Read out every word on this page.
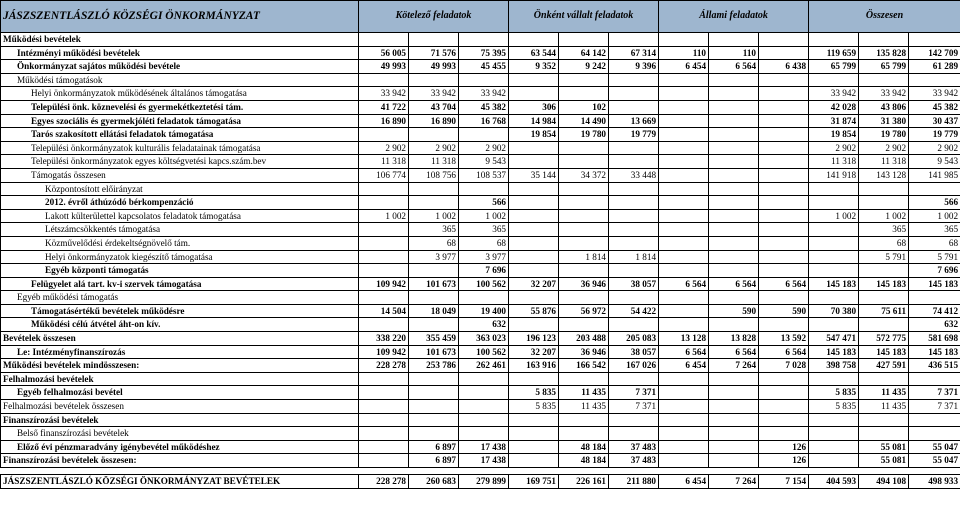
JÁSZSZENTLÁSZLÓ KÖZSÉGI ÖNKORMÁNYZAT	Kötelező feladatok			Önként vállalt feladatok			Állami feladatok			Összesen		
Működési bevételek												
Intézményi működési bevételek	56 005	71 576	75 395	63 544	64 142	67 314	110	110		119 659	135 828	142 709
Önkormányzat sajátos működési bevétele	49 993	49 993	45 455	9 352	9 242	9 396	6 454	6 564	6 438	65 799	65 799	61 289
Működési támogatások												
Helyi önkormányzatok működésének általános támogatása	33 942	33 942	33 942							33 942	33 942	33 942
Települési önk. köznevelési és gyermekétkeztetési tám.	41 722	43 704	45 382	306	102					42 028	43 806	45 382
Egyes szociális és gyermekjóléti feladatok támogatása	16 890	16 890	16 768	14 984	14 490	13 669				31 874	31 380	30 437
Tarós szakosított ellátási feladatok támogatása				19 854	19 780	19 779				19 854	19 780	19 779
Települési önkormányzatok kulturális feladatainak támogatása	2 902	2 902	2 902							2 902	2 902	2 902
Települési önkormányzatok egyes költségvetési kapcs.szám.bev	11 318	11 318	9 543							11 318	11 318	9 543
Támogatás összesen	106 774	108 756	108 537	35 144	34 372	33 448				141 918	143 128	141 985
Központosított előirányzat												
2012. évről áthúzódó bérkompenzáció			566									566
Lakott külterülettel kapcsolatos feladatok támogatása	1 002	1 002	1 002							1 002	1 002	1 002
Létszámcsökkentés támogatása		365	365								365	365
Közművelődési érdekeltségnövelő tám.		68	68								68	68
Helyi önkormányzatok kiegészítő támogatása		3 977	3 977		1 814	1 814					5 791	5 791
Egyéb központi támogatás			7 696									7 696
Felügyelet alá tart. kv-i szervek támogatása	109 942	101 673	100 562	32 207	36 946	38 057	6 564	6 564	6 564	145 183	145 183	145 183
Egyéb működési támogatás												
Támogatásértékű bevételek működésre	14 504	18 049	19 400	55 876	56 972	54 422		590	590	70 380	75 611	74 412
Működési célú átvétel áht-on kív.			632									632
Bevételek összesen	338 220	355 459	363 023	196 123	203 488	205 083	13 128	13 828	13 592	547 471	572 775	581 698
Le: Intézményfinanszírozás	109 942	101 673	100 562	32 207	36 946	38 057	6 564	6 564	6 564	145 183	145 183	145 183
Működési bevételek mindösszesen:	228 278	253 786	262 461	163 916	166 542	167 026	6 454	7 264	7 028	398 758	427 591	436 515
Felhalmozási bevételek												
Egyéb felhalmozási bevétel				5 835	11 435	7 371				5 835	11 435	7 371
Felhalmozási bevételek összesen				5 835	11 435	7 371				5 835	11 435	7 371
Finanszírozási bevételek												
Belső finanszírozási bevételek												
Előző évi pénzmaradvány igénybevétel működéshez		6 897	17 438		48 184	37 483			126		55 081	55 047
Finanszírozási bevételek összesen:		6 897	17 438		48 184	37 483			126		55 081	55 047

JÁSZSZENTLÁSZLÓ KÖZSÉGI ÖNKORMÁNYZAT BEVÉTELEK	228 278	260 683	279 899	169 751	226 161	211 880	6 454	7 264	7 154	404 593	494 108	498 933
